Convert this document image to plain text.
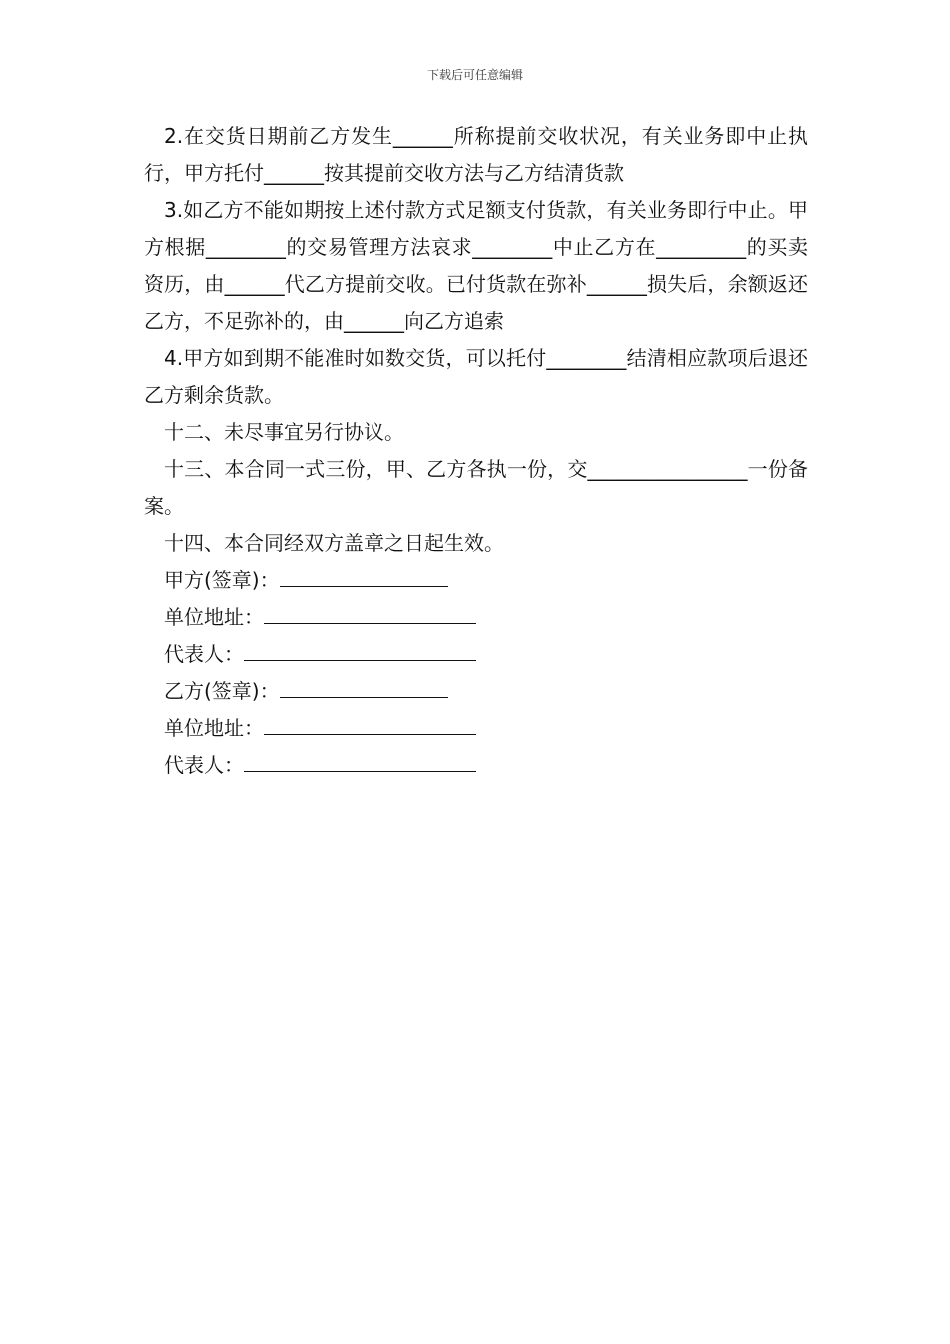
下载后可任意编辑

2.在交货日期前乙方发生______所称提前交收状况，有关业务即中止执行，甲方托付______按其提前交收方法与乙方结清货款

3.如乙方不能如期按上述付款方式足额支付货款，有关业务即行中止。甲方根据________的交易管理方法哀求________中止乙方在_________的买卖资历，由______代乙方提前交收。已付货款在弥补______损失后，余额返还乙方，不足弥补的，由______向乙方追索

4.甲方如到期不能准时如数交货，可以托付________结清相应款项后退还乙方剩余货款。

十二、未尽事宜另行协议。

十三、本合同一式三份，甲、乙方各执一份，交________________一份备案。

十四、本合同经双方盖章之日起生效。

甲方(签章)：
单位地址：
代表人：
乙方(签章)：
单位地址：
代表人：
